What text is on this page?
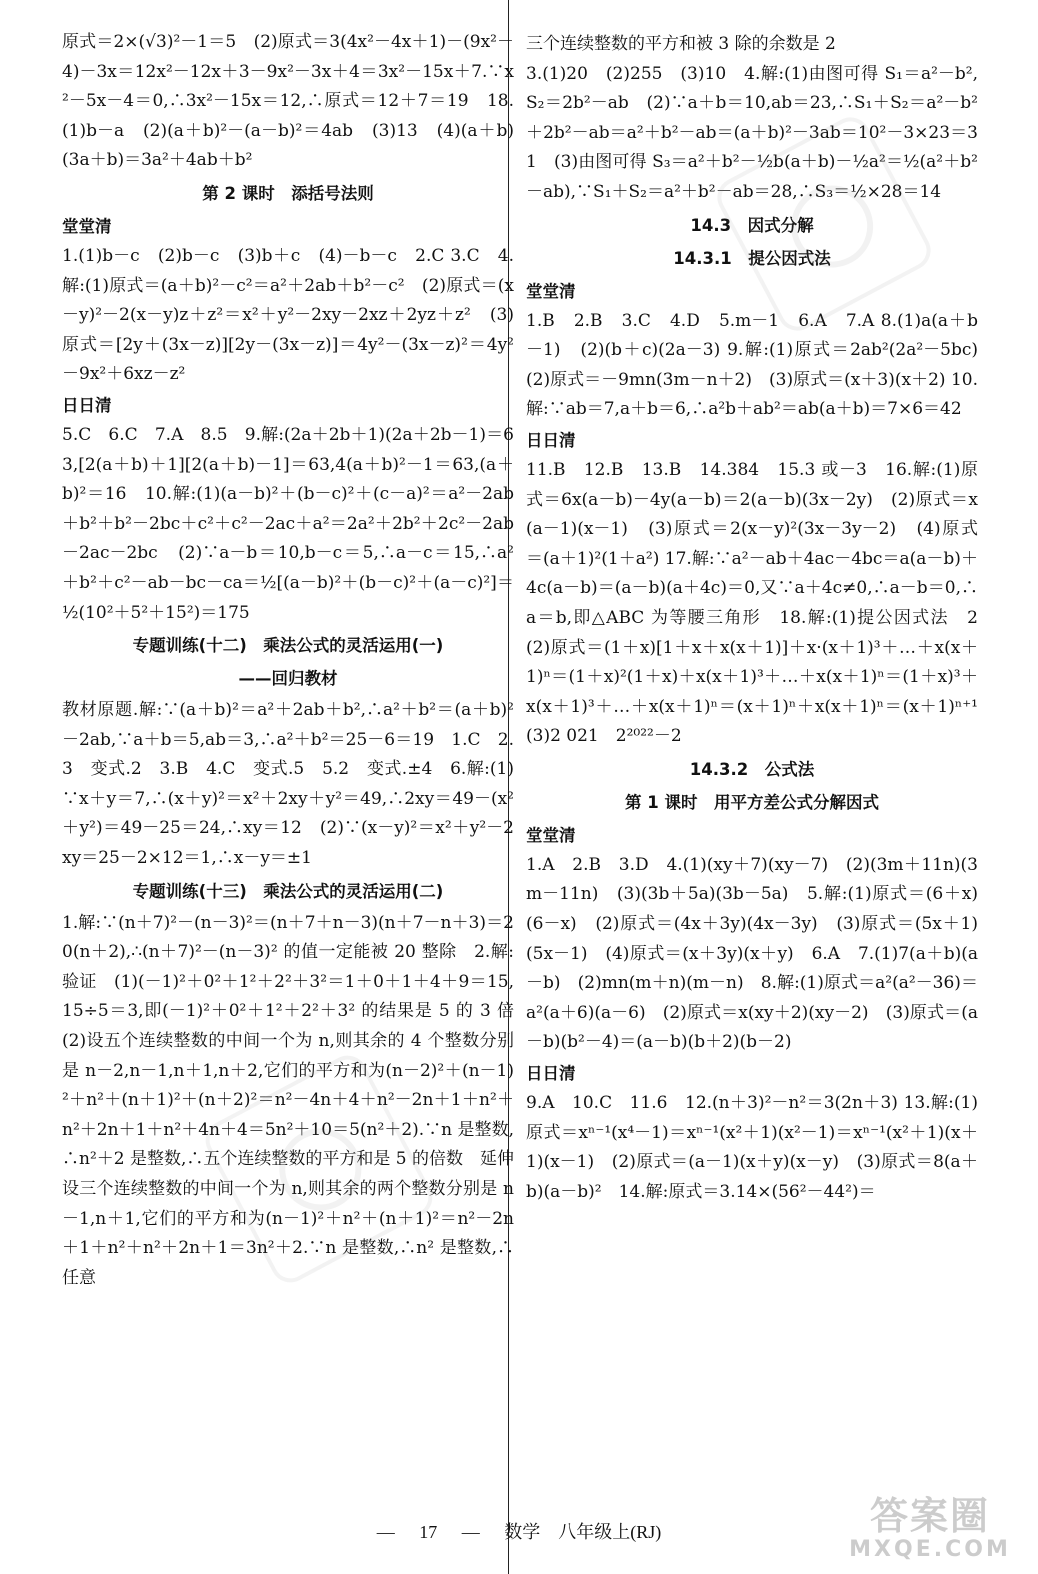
原式＝2×(√3)²－1＝5　(2)原式＝3(4x²－4x＋1)－(9x²－4)－3x＝12x²－12x＋3－9x²－3x＋4＝3x²－15x＋7.∵x²－5x－4＝0,∴3x²－15x＝12,∴原式＝12＋7＝19　18.(1)b－a　(2)(a＋b)²－(a－b)²＝4ab　(3)13　(4)(a＋b)(3a＋b)＝3a²＋4ab＋b²
第 2 课时　添括号法则
堂堂清
1.(1)b－c　(2)b－c　(3)b＋c　(4)－b－c　2.C 3.C　4.解:(1)原式＝(a＋b)²－c²＝a²＋2ab＋b²－c²　(2)原式＝(x－y)²－2(x－y)z＋z²＝x²＋y²－2xy－2xz＋2yz＋z²　(3)原式＝[2y＋(3x－z)][2y－(3x－z)]＝4y²－(3x－z)²＝4y²－9x²＋6xz－z²
日日清
5.C　6.C　7.A　8.5　9.解:(2a＋2b＋1)(2a＋2b－1)＝63,[2(a＋b)＋1][2(a＋b)－1]＝63,4(a＋b)²－1＝63,(a＋b)²＝16　10.解:(1)(a－b)²＋(b－c)²＋(c－a)²＝a²－2ab＋b²＋b²－2bc＋c²＋c²－2ac＋a²＝2a²＋2b²＋2c²－2ab－2ac－2bc　(2)∵a－b＝10,b－c＝5,∴a－c＝15,∴a²＋b²＋c²－ab－bc－ca＝½[(a－b)²＋(b－c)²＋(a－c)²]＝½(10²＋5²＋15²)＝175
专题训练(十二)　乘法公式的灵活运用(一)
——回归教材
教材原题.解:∵(a＋b)²＝a²＋2ab＋b²,∴a²＋b²＝(a＋b)²－2ab,∵a＋b＝5,ab＝3,∴a²＋b²＝25－6＝19　1.C　2.3　变式.2　3.B　4.C　变式.5　5.2　变式.±4　6.解:(1)∵x＋y＝7,∴(x＋y)²＝x²＋2xy＋y²＝49,∴2xy＝49－(x²＋y²)＝49－25＝24,∴xy＝12　(2)∵(x－y)²＝x²＋y²－2xy＝25－2×12＝1,∴x－y＝±1
专题训练(十三)　乘法公式的灵活运用(二)
1.解:∵(n＋7)²－(n－3)²＝(n＋7＋n－3)(n＋7－n＋3)＝20(n＋2),∴(n＋7)²－(n－3)² 的值一定能被 20 整除　2.解:验证　(1)(－1)²＋0²＋1²＋2²＋3²＝1＋0＋1＋4＋9＝15,15÷5＝3,即(－1)²＋0²＋1²＋2²＋3² 的结果是 5 的 3 倍 (2)设五个连续整数的中间一个为 n,则其余的 4 个整数分别是 n－2,n－1,n＋1,n＋2,它们的平方和为(n－2)²＋(n－1)²＋n²＋(n＋1)²＋(n＋2)²＝n²－4n＋4＋n²－2n＋1＋n²＋n²＋2n＋1＋n²＋4n＋4＝5n²＋10＝5(n²＋2).∵n 是整数,∴n²＋2 是整数,∴五个连续整数的平方和是 5 的倍数　延伸　设三个连续整数的中间一个为 n,则其余的两个整数分别是 n－1,n＋1,它们的平方和为(n－1)²＋n²＋(n＋1)²＝n²－2n＋1＋n²＋n²＋2n＋1＝3n²＋2.∵n 是整数,∴n² 是整数,∴任意
三个连续整数的平方和被 3 除的余数是 2
3.(1)20　(2)255　(3)10　4.解:(1)由图可得 S₁＝a²－b²,S₂＝2b²－ab　(2)∵a＋b＝10,ab＝23,∴S₁＋S₂＝a²－b²＋2b²－ab＝a²＋b²－ab＝(a＋b)²－3ab＝10²－3×23＝31　(3)由图可得 S₃＝a²＋b²－½b(a＋b)－½a²＝½(a²＋b²－ab),∵S₁＋S₂＝a²＋b²－ab＝28,∴S₃＝½×28＝14
14.3　因式分解
14.3.1　提公因式法
堂堂清
1.B　2.B　3.C　4.D　5.m－1　6.A　7.A 8.(1)a(a＋b－1)　(2)(b＋c)(2a－3) 9.解:(1)原式＝2ab²(2a²－5bc)　(2)原式＝－9mn(3m－n＋2)　(3)原式＝(x＋3)(x＋2) 10.解:∵ab＝7,a＋b＝6,∴a²b＋ab²＝ab(a＋b)＝7×6＝42
日日清
11.B　12.B　13.B　14.384　15.3 或－3　16.解:(1)原式＝6x(a－b)－4y(a－b)＝2(a－b)(3x－2y)　(2)原式＝x(a－1)(x－1)　(3)原式＝2(x－y)²(3x－3y－2)　(4)原式＝(a＋1)²(1＋a²) 17.解:∵a²－ab＋4ac－4bc＝a(a－b)＋4c(a－b)＝(a－b)(a＋4c)＝0,又∵a＋4c≠0,∴a－b＝0,∴a＝b,即△ABC 为等腰三角形　18.解:(1)提公因式法　2　(2)原式＝(1＋x)[1＋x＋x(x＋1)]＋x·(x＋1)³＋…＋x(x＋1)ⁿ＝(1＋x)²(1＋x)＋x(x＋1)³＋…＋x(x＋1)ⁿ＝(1＋x)³＋x(x＋1)³＋…＋x(x＋1)ⁿ＝(x＋1)ⁿ＋x(x＋1)ⁿ＝(x＋1)ⁿ⁺¹　(3)2 021　2²⁰²²－2
14.3.2　公式法
第 1 课时　用平方差公式分解因式
堂堂清
1.A　2.B　3.D　4.(1)(xy＋7)(xy－7)　(2)(3m＋11n)(3m－11n)　(3)(3b＋5a)(3b－5a)　5.解:(1)原式＝(6＋x)(6－x)　(2)原式＝(4x＋3y)(4x－3y)　(3)原式＝(5x＋1)(5x－1)　(4)原式＝(x＋3y)(x＋y)　6.A　7.(1)7(a＋b)(a－b)　(2)mn(m＋n)(m－n)　8.解:(1)原式＝a²(a²－36)＝a²(a＋6)(a－6)　(2)原式＝x(xy＋2)(xy－2)　(3)原式＝(a－b)(b²－4)＝(a－b)(b＋2)(b－2)
日日清
9.A　10.C　11.6　12.(n＋3)²－n²＝3(2n＋3) 13.解:(1)原式＝xⁿ⁻¹(x⁴－1)＝xⁿ⁻¹(x²＋1)(x²－1)＝xⁿ⁻¹(x²＋1)(x＋1)(x－1)　(2)原式＝(a－1)(x＋y)(x－y)　(3)原式＝8(a＋b)(a－b)²　14.解:原式＝3.14×(56²－44²)＝
— 17 — 数学　八年级上(RJ)	答案圈
MXQE.COM
